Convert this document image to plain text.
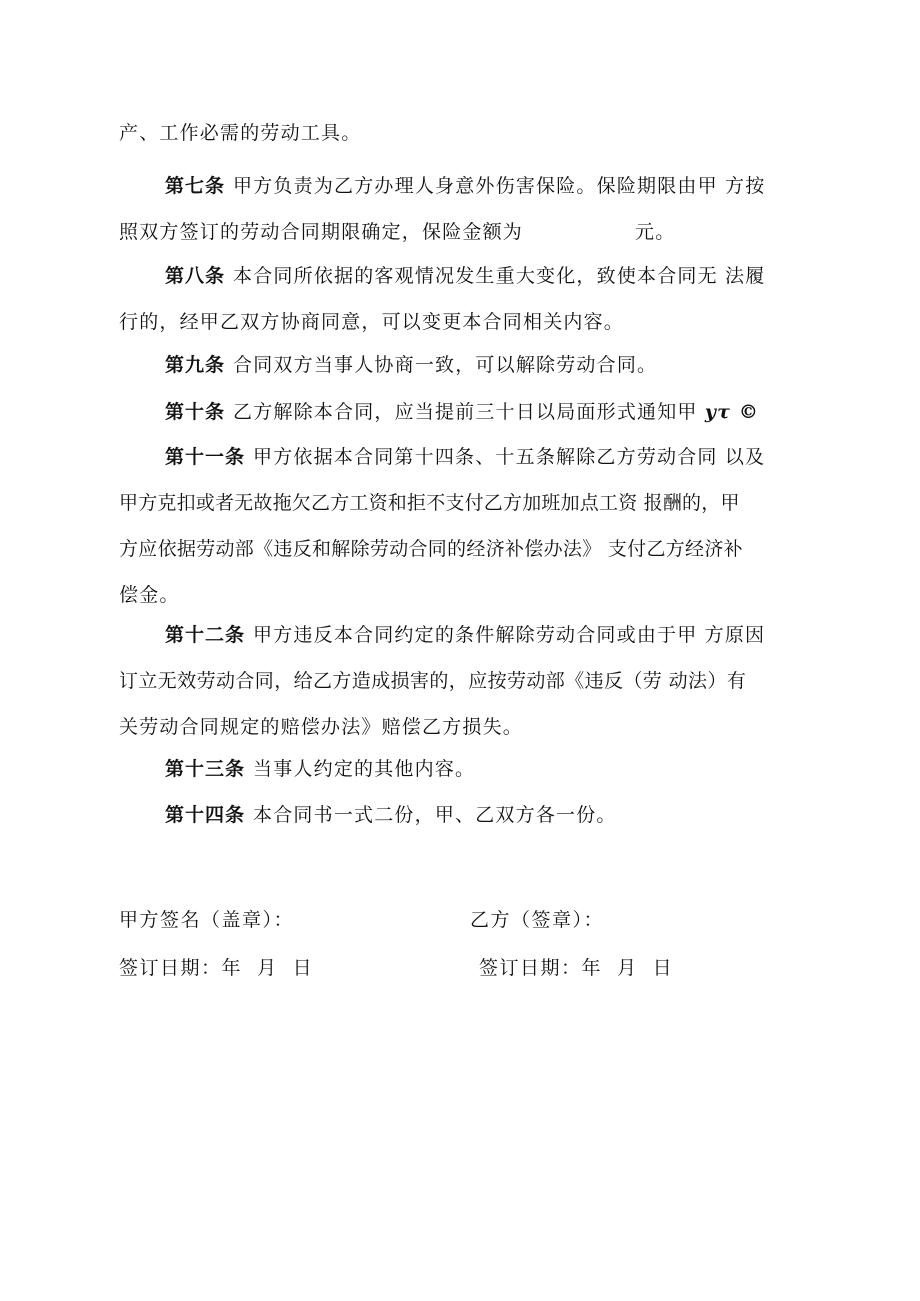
产、工作必需的劳动工具。

第七条 甲方负责为乙方办理人身意外伤害保险。保险期限由甲 方按
照双方签订的劳动合同期限确定，保险金额为	元。

第八条 本合同所依据的客观情况发生重大变化，致使本合同无 法履
行的，经甲乙双方协商同意，可以变更本合同相关内容。

第九条 合同双方当事人协商一致，可以解除劳动合同。

第十条 乙方解除本合同，应当提前三十日以局面形式通知甲 yτ ©

第十一条 甲方依据本合同第十四条、十五条解除乙方劳动合同 以及
甲方克扣或者无故拖欠乙方工资和拒不支付乙方加班加点工资 报酬的，甲
方应依据劳动部《违反和解除劳动合同的经济补偿办法》 支付乙方经济补
偿金。

第十二条 甲方违反本合同约定的条件解除劳动合同或由于甲 方原因
订立无效劳动合同，给乙方造成损害的，应按劳动部《违反（劳 动法）有
关劳动合同规定的赔偿办法》赔偿乙方损失。

第十三条 当事人约定的其他内容。

第十四条 本合同书一式二份，甲、乙双方各一份。

甲方签名（盖章）：	乙方（签章）：
签订日期：年  月  日	签订日期：年  月  日
